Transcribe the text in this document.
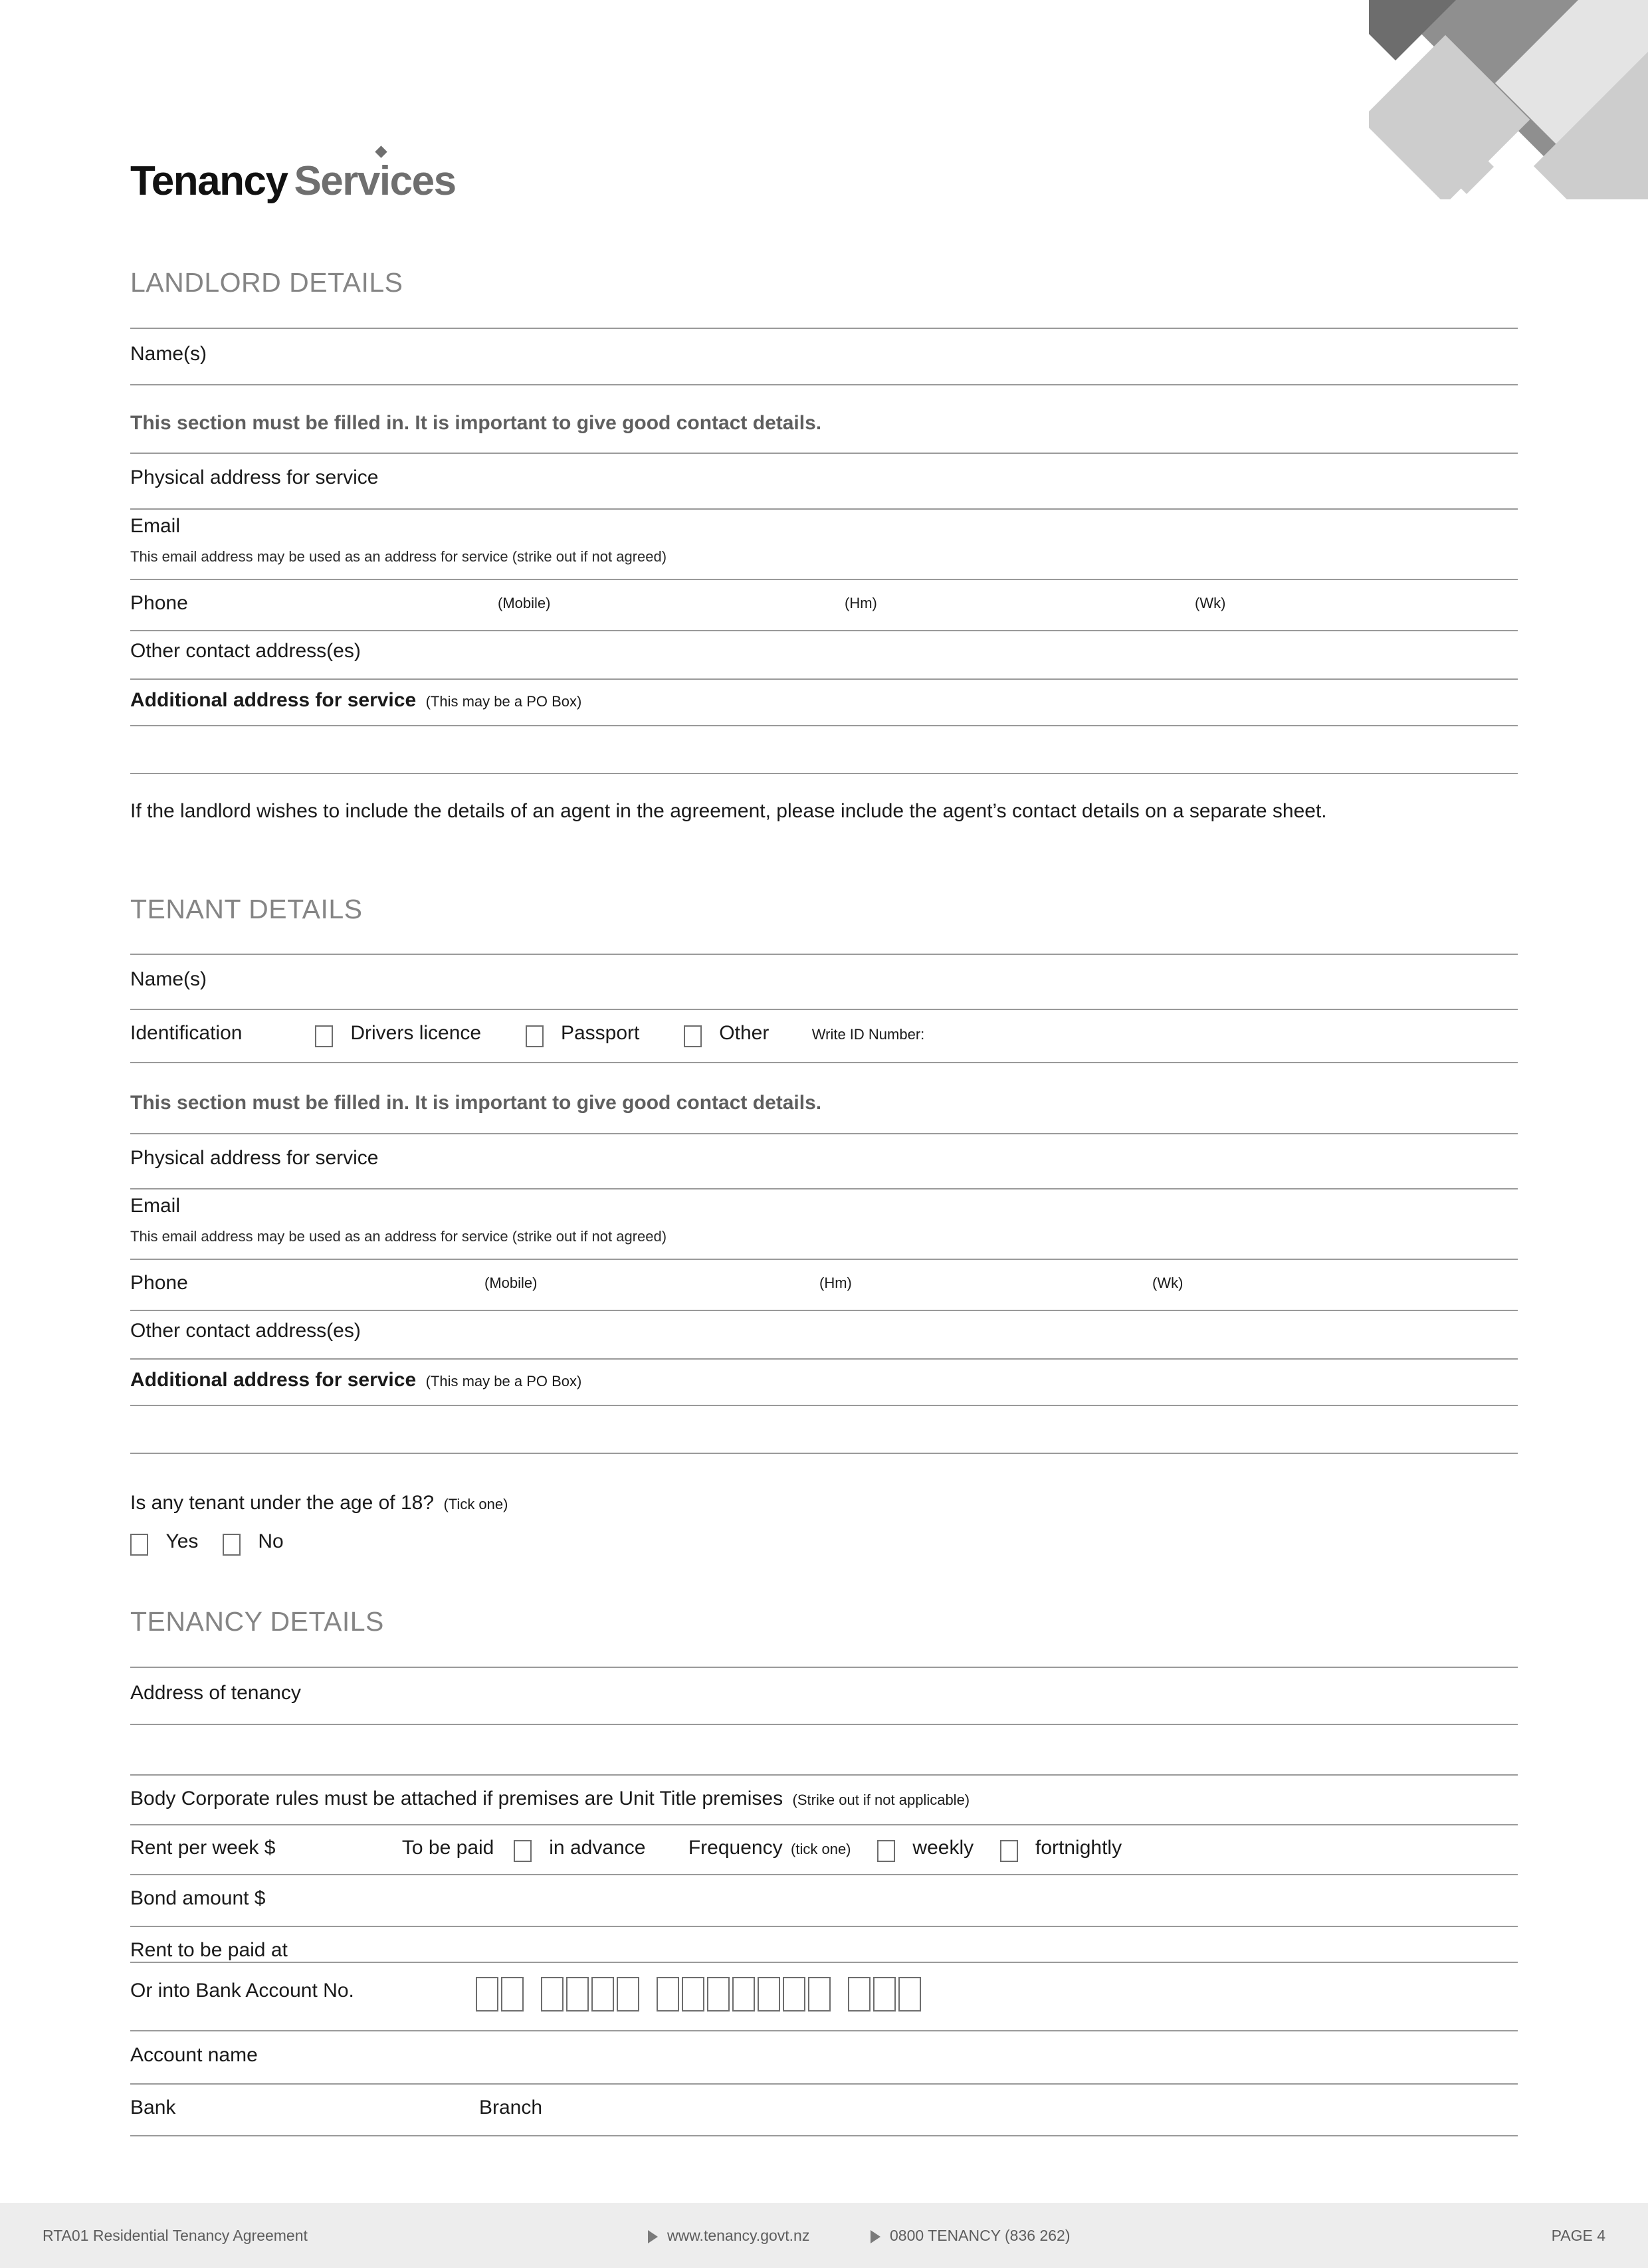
Tenancy Services
LANDLORD DETAILS
Name(s)
This section must be filled in. It is important to give good contact details.
Physical address for service
Email
This email address may be used as an address for service (strike out if not agreed)
Phone	(Mobile)	(Hm)	(Wk)
Other contact address(es)
Additional address for service (This may be a PO Box)
If the landlord wishes to include the details of an agent in the agreement, please include the agent’s contact details on a separate sheet.
TENANT DETAILS
Name(s)
Identification	Drivers licence	Passport	Other	Write ID Number:
This section must be filled in. It is important to give good contact details.
Physical address for service
Email
This email address may be used as an address for service (strike out if not agreed)
Phone	(Mobile)	(Hm)	(Wk)
Other contact address(es)
Additional address for service (This may be a PO Box)
Is any tenant under the age of 18? (Tick one)
Yes	No
TENANCY DETAILS
Address of tenancy
Body Corporate rules must be attached if premises are Unit Title premises (Strike out if not applicable)
Rent per week $	To be paid	in advance Frequency (tick one)	weekly	fortnightly
Bond amount $
Rent to be paid at
Or into Bank Account No.
Account name
Bank	Branch
RTA01 Residential Tenancy Agreement	www.tenancy.govt.nz	0800 TENANCY (836 262)	PAGE 4
